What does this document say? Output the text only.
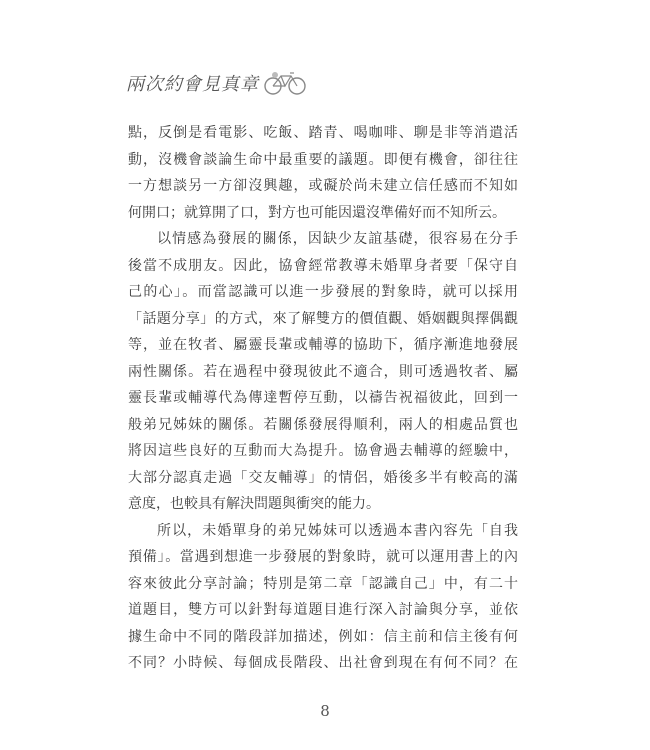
兩次約會見真章
點，反倒是看電影、吃飯、踏青、喝咖啡、聊是非等消遣活
動，沒機會談論生命中最重要的議題。即便有機會，卻往往
一方想談另一方卻沒興趣，或礙於尚未建立信任感而不知如
何開口；就算開了口，對方也可能因還沒準備好而不知所云。
以情感為發展的關係，因缺少友誼基礎，很容易在分手
後當不成朋友。因此，協會經常教導未婚單身者要「保守自
己的心」。而當認識可以進一步發展的對象時，就可以採用
「話題分享」的方式，來了解雙方的價值觀、婚姻觀與擇偶觀
等，並在牧者、屬靈長輩或輔導的協助下，循序漸進地發展
兩性關係。若在過程中發現彼此不適合，則可透過牧者、屬
靈長輩或輔導代為傳達暫停互動，以禱告祝福彼此，回到一
般弟兄姊妹的關係。若關係發展得順利，兩人的相處品質也
將因這些良好的互動而大為提升。協會過去輔導的經驗中，
大部分認真走過「交友輔導」的情侶，婚後多半有較高的滿
意度，也較具有解決問題與衝突的能力。
所以，未婚單身的弟兄姊妹可以透過本書內容先「自我
預備」。當遇到想進一步發展的對象時，就可以運用書上的內
容來彼此分享討論；特別是第二章「認識自己」中，有二十
道題目，雙方可以針對每道題目進行深入討論與分享，並依
據生命中不同的階段詳加描述，例如：信主前和信主後有何
不同？小時候、每個成長階段、出社會到現在有何不同？在
8
